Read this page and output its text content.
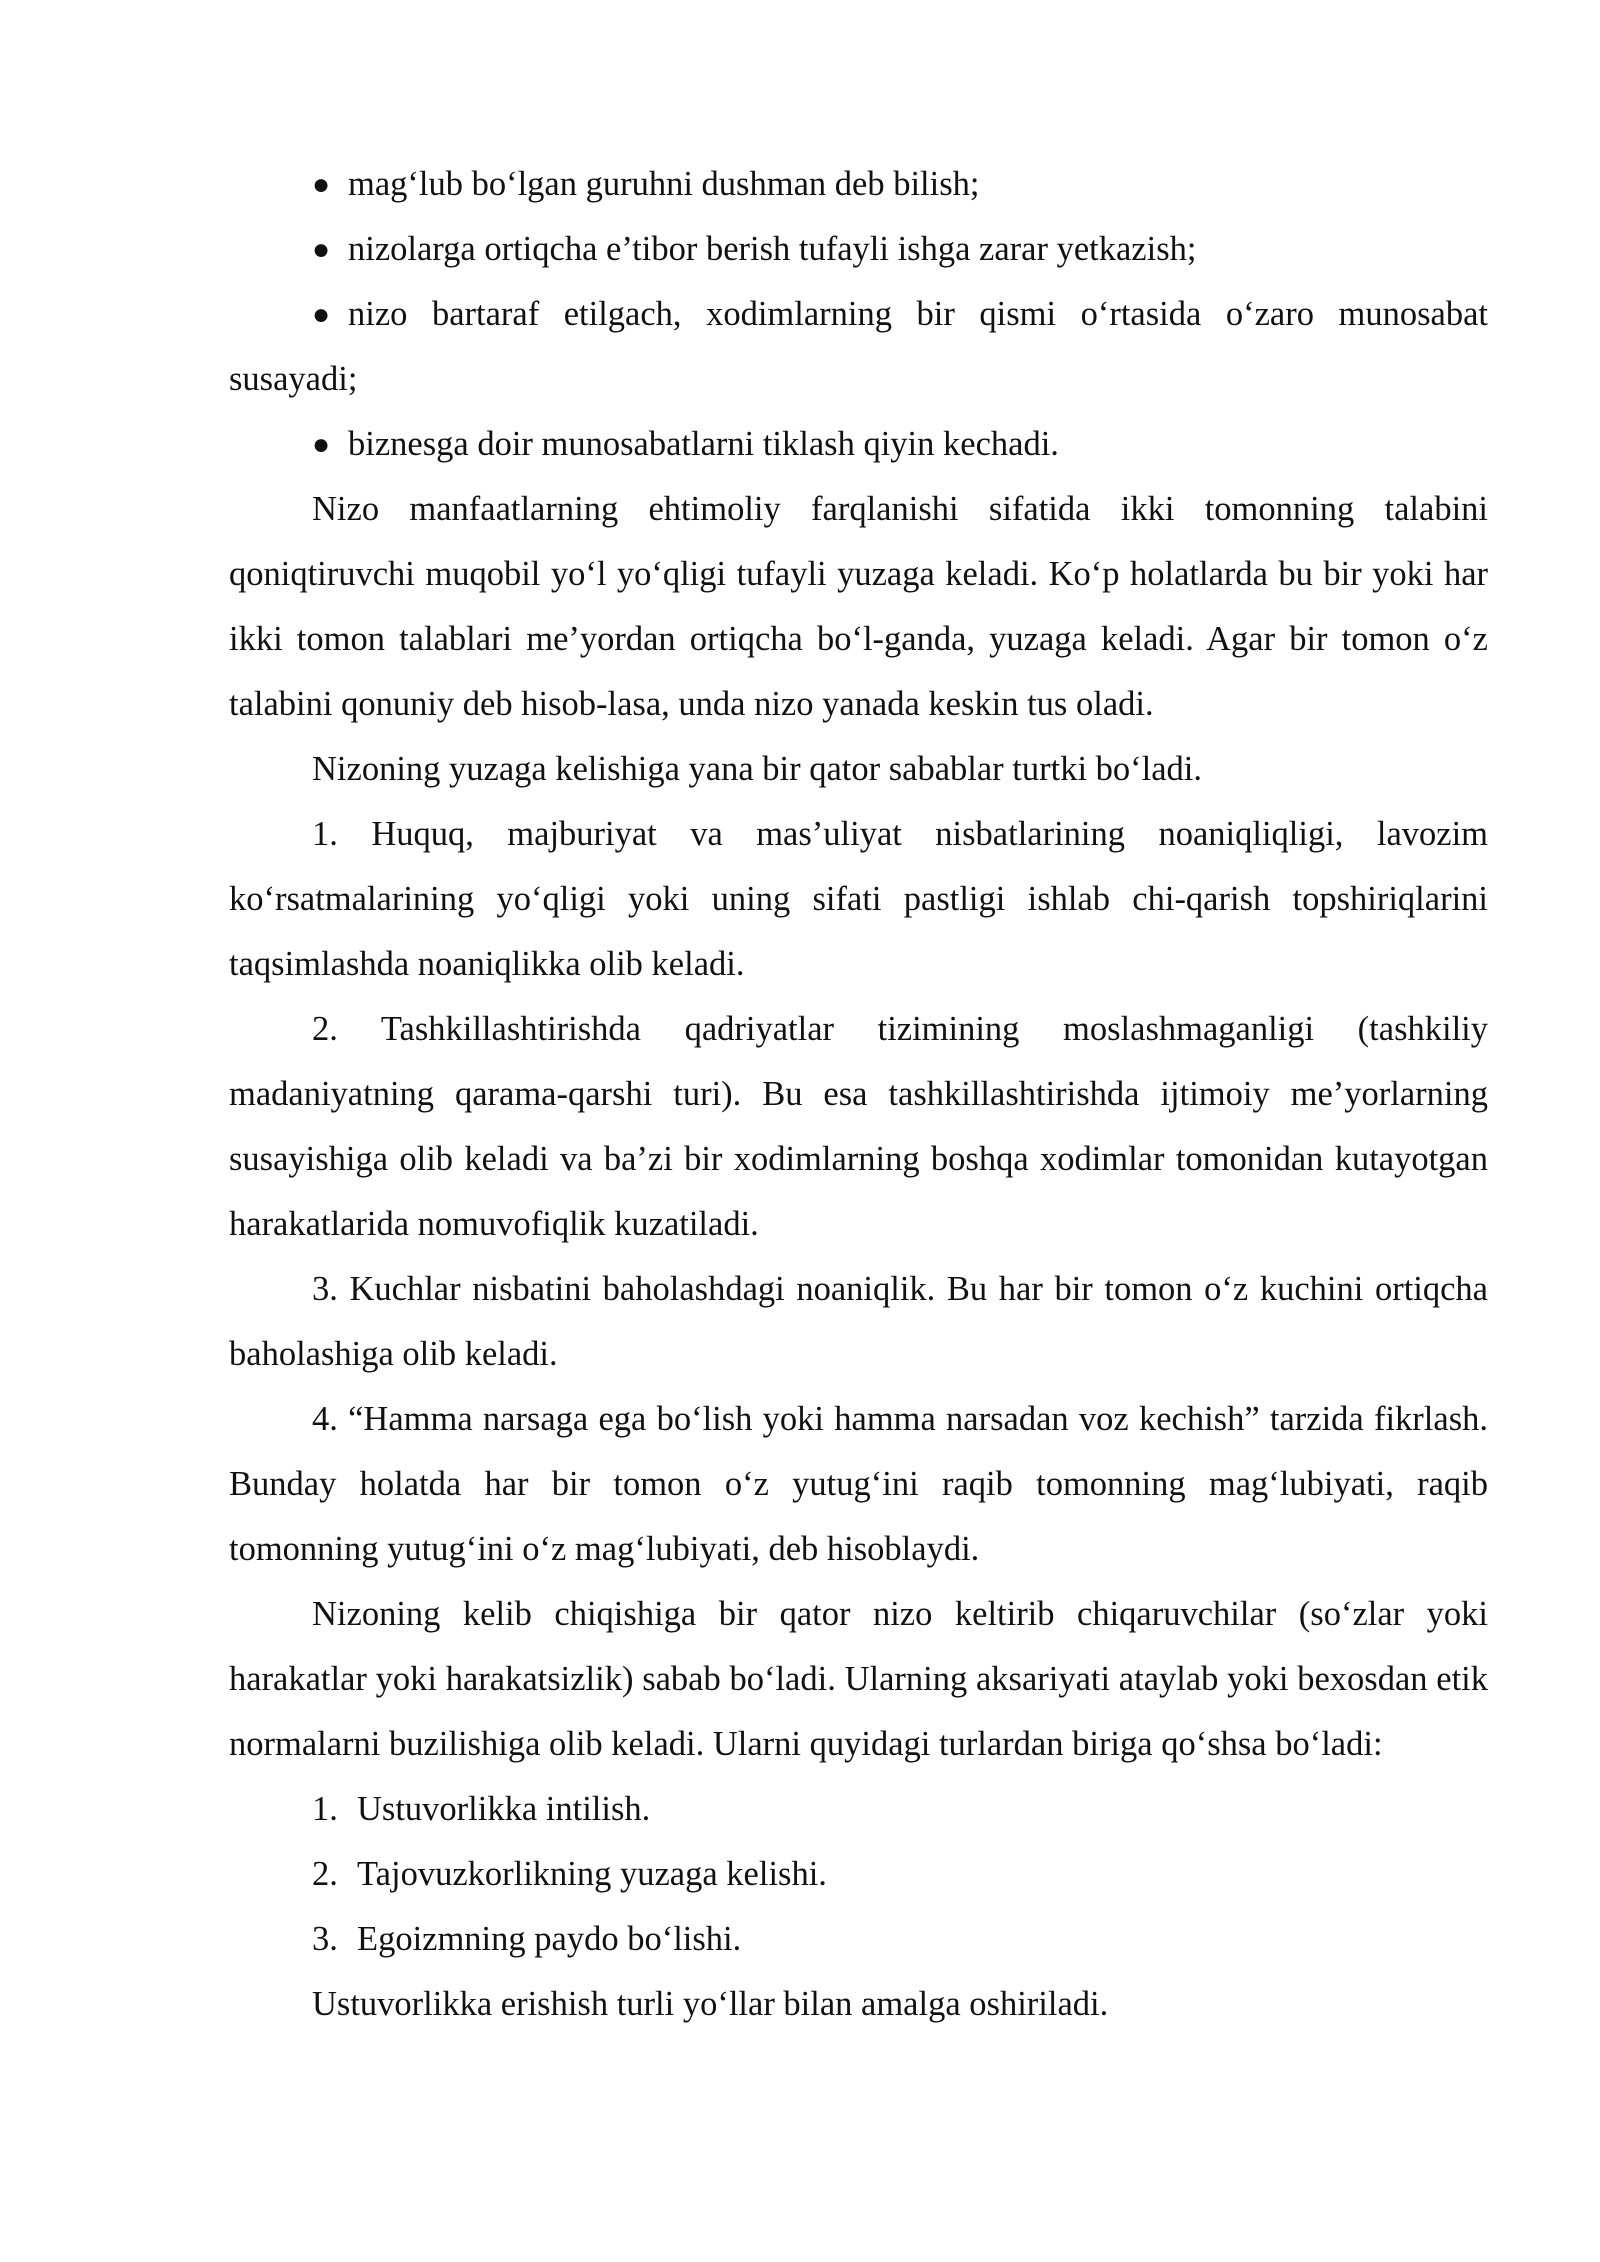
● mag‘lub bo‘lgan guruhni dushman deb bilish;
● nizolarga ortiqcha e’tibor berish tufayli ishga zarar yetkazish;
● nizo bartaraf etilgach, xodimlarning bir qismi o‘rtasida o‘zaro munosabat susayadi;
● biznesga doir munosabatlarni tiklash qiyin kechadi.
Nizo manfaatlarning ehtimoliy farqlanishi sifatida ikki tomonning talabini qoniqtiruvchi muqobil yo‘l yo‘qligi tufayli yuzaga keladi. Ko‘p holatlarda bu bir yoki har ikki tomon talablari me’yordan ortiqcha bo‘l-ganda, yuzaga keladi. Agar bir tomon o‘z talabini qonuniy deb hisob-lasa, unda nizo yanada keskin tus oladi.
Nizoning yuzaga kelishiga yana bir qator sabablar turtki bo‘ladi.
1. Huquq, majburiyat va mas’uliyat nisbatlarining noaniqliqligi, lavozim ko‘rsatmalarining yo‘qligi yoki uning sifati pastligi ishlab chi-qarish topshiriqlarini taqsimlashda noaniqlikka olib keladi.
2. Tashkillashtirishda qadriyatlar tizimining moslashmaganligi (tashkiliy madaniyatning qarama-qarshi turi). Bu esa tashkillashtirishda ijtimoiy me’yorlarning susayishiga olib keladi va ba’zi bir xodimlarning boshqa xodimlar tomonidan kutayotgan harakatlarida nomuvofiqlik kuzatiladi.
3. Kuchlar nisbatini baholashdagi noaniqlik. Bu har bir tomon o‘z kuchini ortiqcha baholashiga olib keladi.
4. “Hamma narsaga ega bo‘lish yoki hamma narsadan voz kechish” tarzida fikrlash. Bunday holatda har bir tomon o‘z yutug‘ini raqib tomonning mag‘lubiyati, raqib tomonning yutug‘ini o‘z mag‘lubiyati, deb hisoblaydi.
Nizoning kelib chiqishiga bir qator nizo keltirib chiqaruvchilar (so‘zlar yoki harakatlar yoki harakatsizlik) sabab bo‘ladi. Ularning aksariyati ataylab yoki bexosdan etik normalarni buzilishiga olib keladi. Ularni quyidagi turlardan biriga qo‘shsa bo‘ladi:
1. Ustuvorlikka intilish.
2. Tajovuzkorlikning yuzaga kelishi.
3. Egoizmning paydo bo‘lishi.
Ustuvorlikka erishish turli yo‘llar bilan amalga oshiriladi.
